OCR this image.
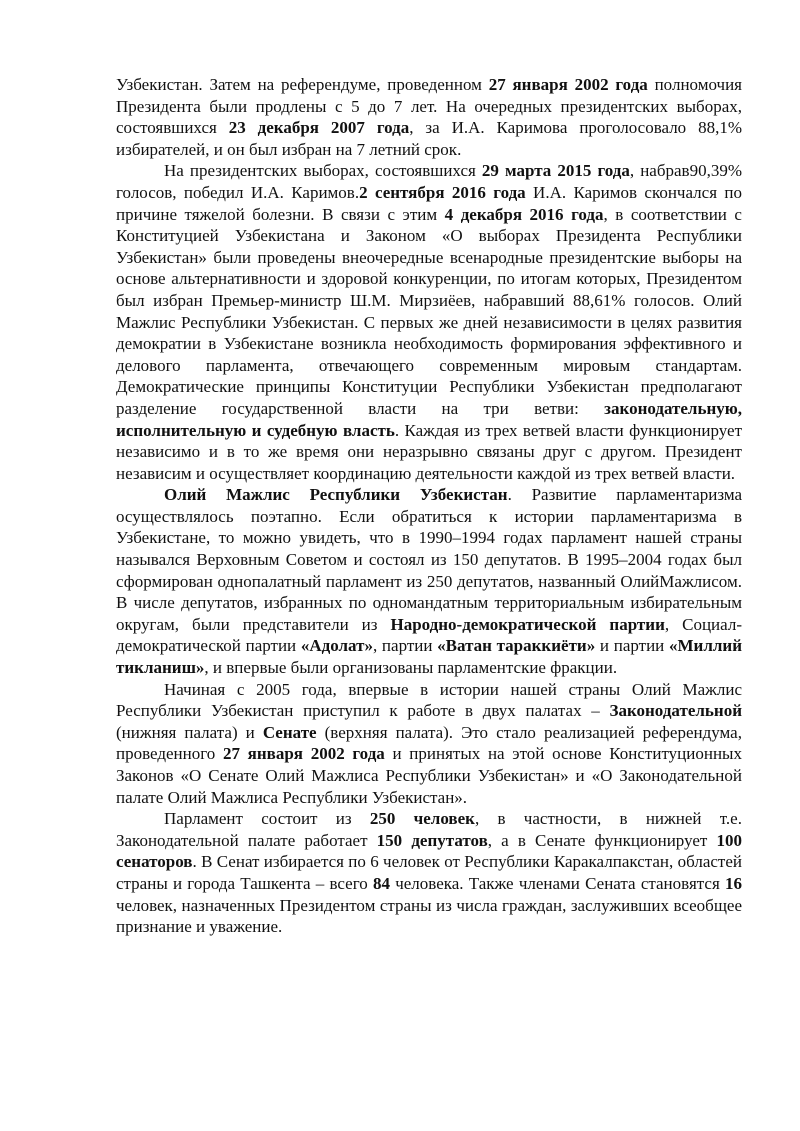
Узбекистан. Затем на референдуме, проведенном 27 января 2002 года полномочия Президента были продлены с 5 до 7 лет. На очередных президентских выборах, состоявшихся 23 декабря 2007 года, за И.А. Каримова проголосовало 88,1% избирателей, и он был избран на 7 летний срок.

На президентских выборах, состоявшихся 29 марта 2015 года, набрав90,39% голосов, победил И.А. Каримов.2 сентября 2016 года И.А. Каримов скончался по причине тяжелой болезни. В связи с этим 4 декабря 2016 года, в соответствии с Конституцией Узбекистана и Законом «О выборах Президента Республики Узбекистан» были проведены внеочередные всенародные президентские выборы на основе альтернативности и здоровой конкуренции, по итогам которых, Президентом был избран Премьер-министр Ш.М. Мирзиёев, набравший 88,61% голосов. Олий Мажлис Республики Узбекистан. С первых же дней независимости в целях развития демократии в Узбекистане возникла необходимость формирования эффективного и делового парламента, отвечающего современным мировым стандартам. Демократические принципы Конституции Республики Узбекистан предполагают разделение государственной власти на три ветви: законодательную, исполнительную и судебную власть. Каждая из трех ветвей власти функционирует независимо и в то же время они неразрывно связаны друг с другом. Президент независим и осуществляет координацию деятельности каждой из трех ветвей власти.

Олий Мажлис Республики Узбекистан. Развитие парламентаризма осуществлялось поэтапно. Если обратиться к истории парламентаризма в Узбекистане, то можно увидеть, что в 1990–1994 годах парламент нашей страны назывался Верховным Советом и состоял из 150 депутатов. В 1995–2004 годах был сформирован однопалатный парламент из 250 депутатов, названный ОлийМажлисом. В числе депутатов, избранных по одномандатным территориальным избирательным округам, были представители из Народно-демократической партии, Социал-демократической партии «Адолат», партии «Ватан тараккиёти» и партии «Миллий тикланиш», и впервые были организованы парламентские фракции.

Начиная с 2005 года, впервые в истории нашей страны Олий Мажлис Республики Узбекистан приступил к работе в двух палатах – Законодательной (нижняя палата) и Сенате (верхняя палата). Это стало реализацией референдума, проведенного 27 января 2002 года и принятых на этой основе Конституционных Законов «О Сенате Олий Мажлиса Республики Узбекистан» и «О Законодательной палате Олий Мажлиса Республики Узбекистан».

Парламент состоит из 250 человек, в частности, в нижней т.е. Законодательной палате работает 150 депутатов, а в Сенате функционирует 100 сенаторов. В Сенат избирается по 6 человек от Республики Каракалпакстан, областей страны и города Ташкента – всего 84 человека. Также членами Сената становятся 16 человек, назначенных Президентом страны из числа граждан, заслуживших всеобщее признание и уважение.
